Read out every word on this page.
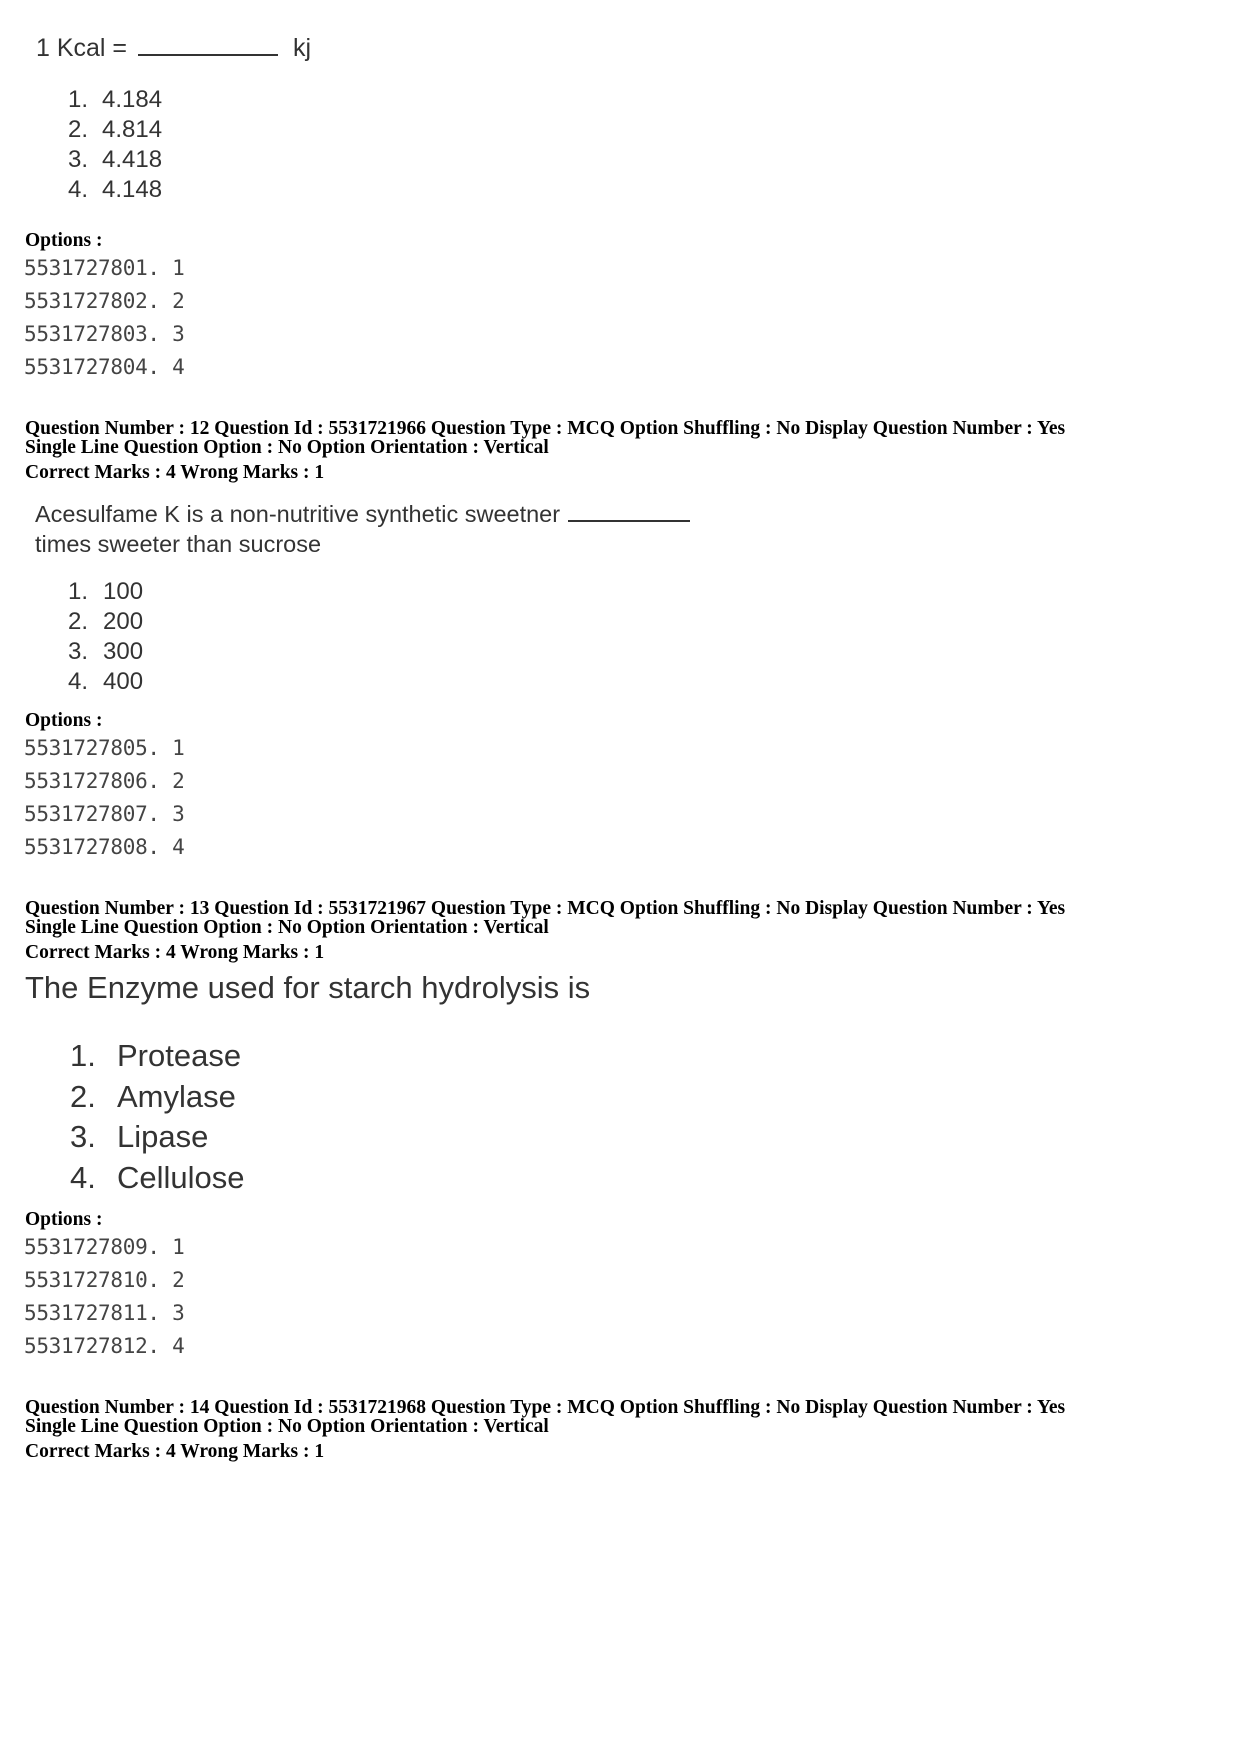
1 Kcal =	kj
1. 4.184
2. 4.814
3. 4.418
4. 4.148
Options :
5531727801. 1
5531727802. 2
5531727803. 3
5531727804. 4
Question Number : 12 Question Id : 5531721966 Question Type : MCQ Option Shuffling : No Display Question Number : Yes
Single Line Question Option : No Option Orientation : Vertical
Correct Marks : 4 Wrong Marks : 1
Acesulfame K is a non-nutritive synthetic sweetner
times sweeter than sucrose
1. 100
2. 200
3. 300
4. 400
Options :
5531727805. 1
5531727806. 2
5531727807. 3
5531727808. 4
Question Number : 13 Question Id : 5531721967 Question Type : MCQ Option Shuffling : No Display Question Number : Yes
Single Line Question Option : No Option Orientation : Vertical
Correct Marks : 4 Wrong Marks : 1
The Enzyme used for starch hydrolysis is
1. Protease
2. Amylase
3. Lipase
4. Cellulose
Options :
5531727809. 1
5531727810. 2
5531727811. 3
5531727812. 4
Question Number : 14 Question Id : 5531721968 Question Type : MCQ Option Shuffling : No Display Question Number : Yes
Single Line Question Option : No Option Orientation : Vertical
Correct Marks : 4 Wrong Marks : 1
